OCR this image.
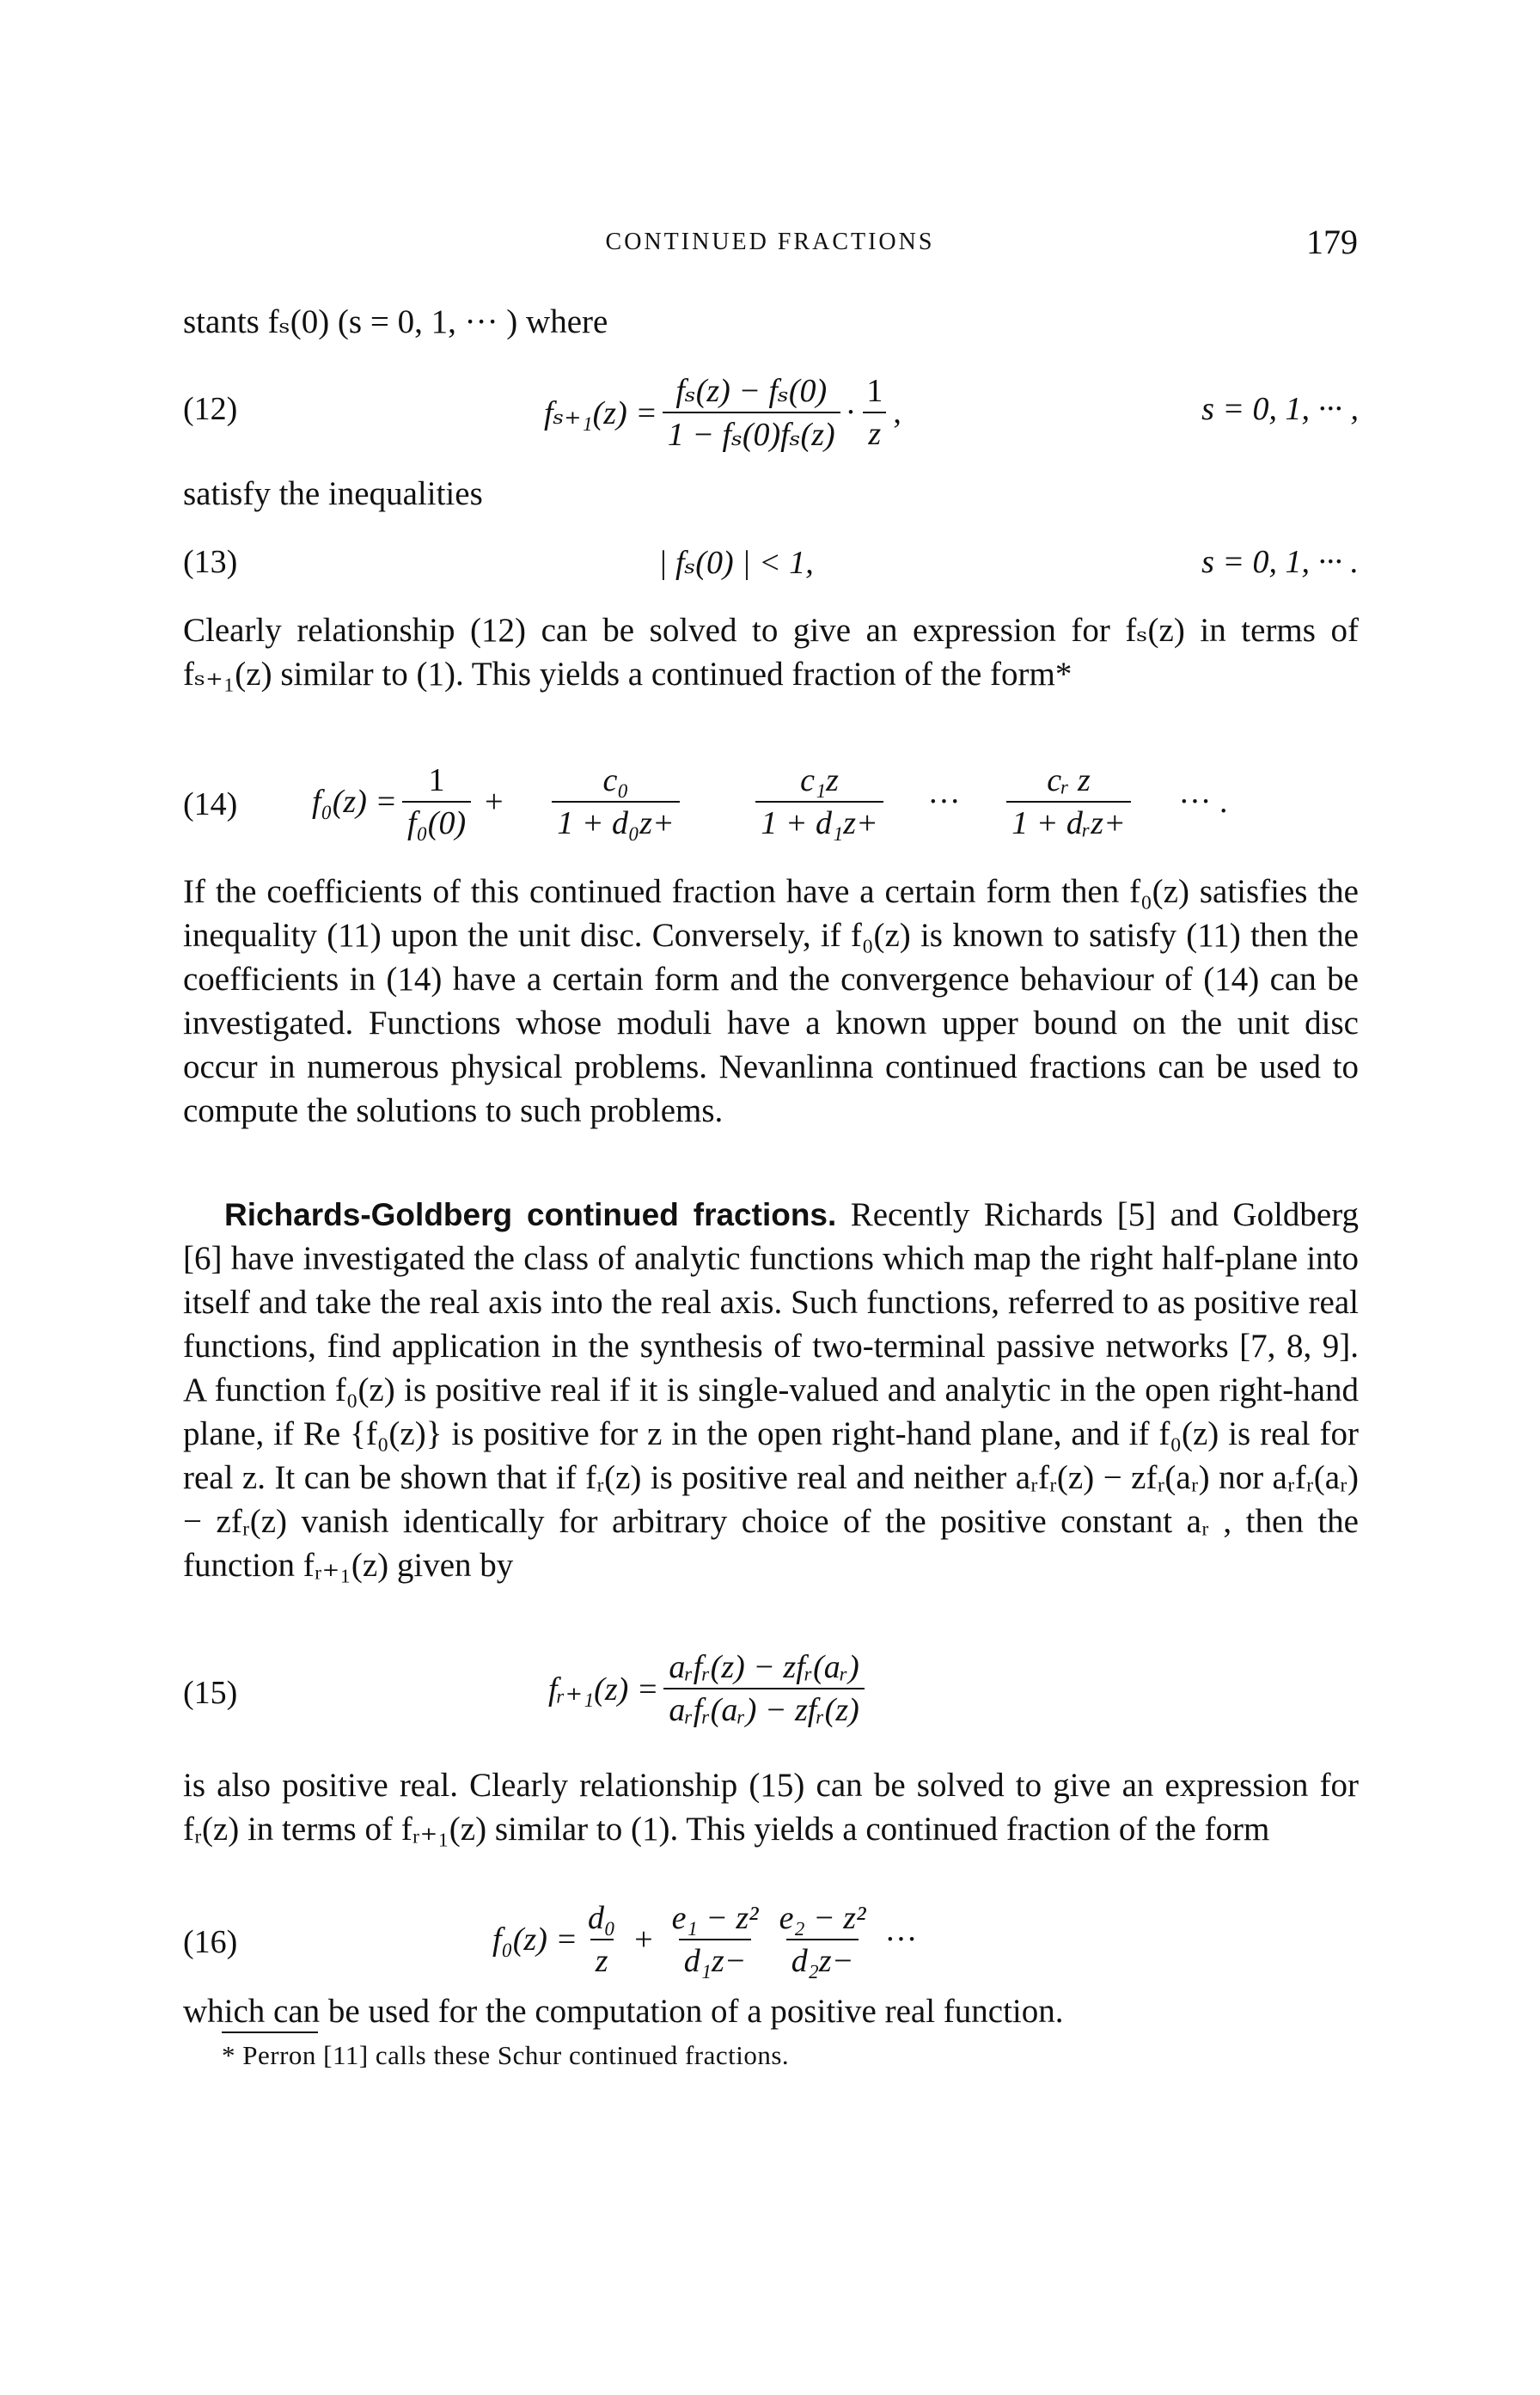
CONTINUED FRACTIONS	179
stants fₛ(0) (s = 0, 1, ··· ) where
(12)	$f_{s+1}(z) = \frac{\text{fₛ(z) − fₛ(0)}}{\text{1 − fₛ(0)fₛ(z)}} \cdot \frac{1}{z}$ ,	s = 0, 1, ··· ,
satisfy the inequalities
(13)	| fₛ(0) | < 1,	s = 0, 1, ··· .

Clearly relationship (12) can be solved to give an expression for fₛ(z) in terms of fₛ₊₁(z) similar to (1). This yields a continued fraction of the form*

(14) $f_0(z) = \frac{1}{\text{f₀(0)}} + \frac{\text{c₀}}{\text{1 + d₀z+}} \frac{\text{c₁z}}{\text{1 + d₁z+}}$ ··· $\frac{\text{cᵣ z}}{\text{1 + dᵣz+}}$ ··· .

If the coefficients of this continued fraction have a certain form then f₀(z) satisfies the inequality (11) upon the unit disc. Conversely, if f₀(z) is known to satisfy (11) then the coefficients in (14) have a certain form and the convergence behaviour of (14) can be investigated. Functions whose moduli have a known upper bound on the unit disc occur in numerous physical problems. Nevanlinna continued fractions can be used to compute the solutions to such problems.

Richards-Goldberg continued fractions. Recently Richards [5] and Goldberg [6] have investigated the class of analytic functions which map the right half-plane into itself and take the real axis into the real axis. Such functions, referred to as positive real functions, find application in the synthesis of two-terminal passive networks [7, 8, 9]. A function f₀(z) is positive real if it is single-valued and analytic in the open right-hand plane, if Re {f₀(z)} is positive for z in the open right-hand plane, and if f₀(z) is real for real z. It can be shown that if fᵣ(z) is positive real and neither aᵣfᵣ(z) − zfᵣ(aᵣ) nor aᵣfᵣ(aᵣ) − zfᵣ(z) vanish identically for arbitrary choice of the positive constant aᵣ , then the function fᵣ₊₁(z) given by

(15)	fᵣ₊₁(z) = $\frac{\text{aᵣfᵣ(z) − zfᵣ(aᵣ)}}{\text{aᵣfᵣ(aᵣ) − zfᵣ(z)}}$

is also positive real. Clearly relationship (15) can be solved to give an expression for fᵣ(z) in terms of fᵣ₊₁(z) similar to (1). This yields a continued fraction of the form

(16)	$f_0(z) = \frac{\text{d₀}}{z} + \frac{\text{e₁ − z²}}{\text{d₁z−}} \frac{\text{e₂ − z²}}{\text{d₂z−}}$ ···
which can be used for the computation of a positive real function.
* Perron [11] calls these Schur continued fractions.
